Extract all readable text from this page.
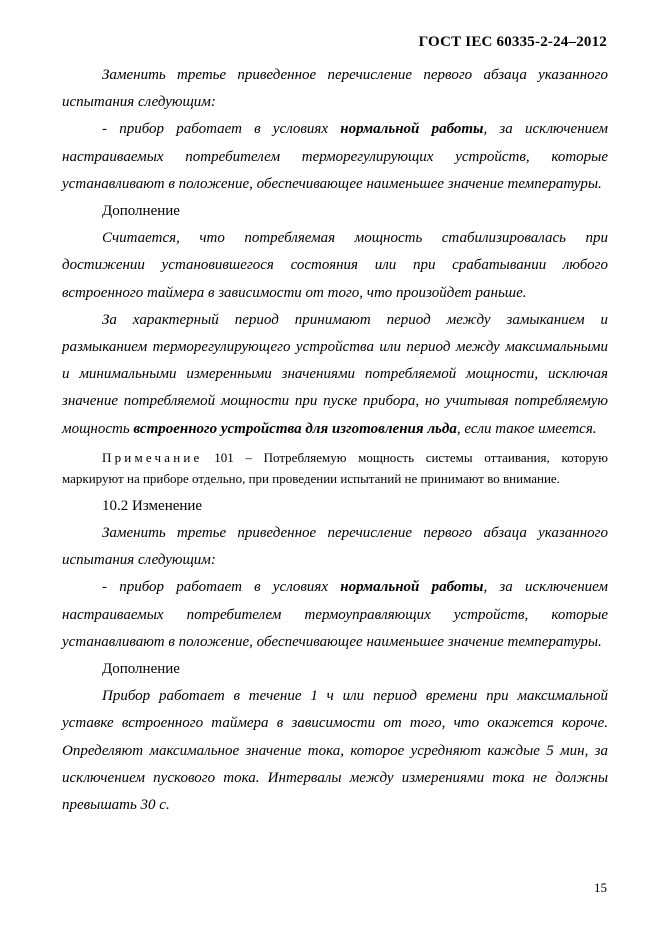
ГОСТ IEC 60335-2-24–2012

Заменить третье приведенное перечисление первого абзаца указанного испытания следующим:

- прибор работает в условиях нормальной работы, за исключением настраиваемых потребителем терморегулирующих устройств, которые устанавливают в положение, обеспечивающее наименьшее значение температуры.

Дополнение

Считается, что потребляемая мощность стабилизировалась при достижении установившегося состояния или при срабатывании любого встроенного таймера в зависимости от того, что произойдет раньше.

За характерный период принимают период между замыканием и размыканием терморегулирующего устройства или период между максимальными и минимальными измеренными значениями потребляемой мощности, исключая значение потребляемой мощности при пуске прибора, но учитывая потребляемую мощность встроенного устройства для изготовления льда, если такое имеется.

Примечание 101 – Потребляемую мощность системы оттаивания, которую маркируют на приборе отдельно, при проведении испытаний не принимают во внимание.

10.2 Изменение

Заменить третье приведенное перечисление первого абзаца указанного испытания следующим:

- прибор работает в условиях нормальной работы, за исключением настраиваемых потребителем термоуправляющих устройств, которые устанавливают в положение, обеспечивающее наименьшее значение температуры.

Дополнение

Прибор работает в течение 1 ч или период времени при максимальной уставке встроенного таймера в зависимости от того, что окажется короче. Определяют максимальное значение тока, которое усредняют каждые 5 мин, за исключением пускового тока. Интервалы между измерениями тока не должны превышать 30 с.

15
